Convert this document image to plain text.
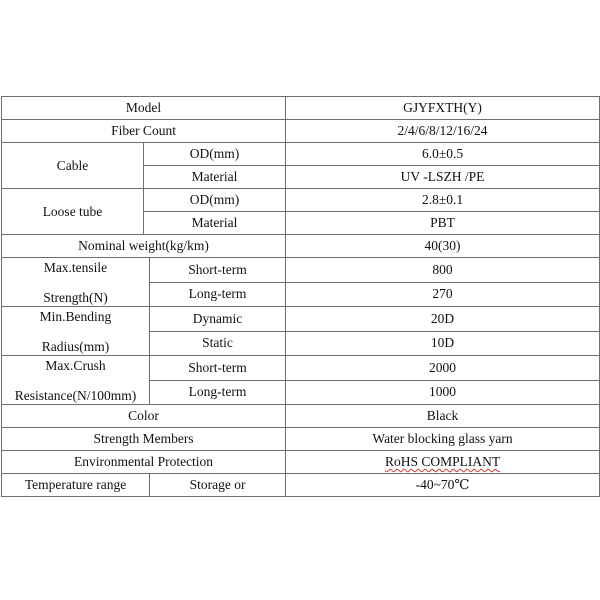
Model			GJYFXTH(Y)
Fiber Count			2/4/6/8/12/16/24
Cable	OD(mm)		6.0±0.5
	Material		UV -LSZH /PE
Loose tube	OD(mm)		2.8±0.1
	Material		PBT
Nominal weight(kg/km)			40(30)

Max.tensile
Strength(N)		Short-term	800
		Long-term	270

Min.Bending
Radius(mm)		Dynamic	20D
		Static	10D

Max.Crush
Resistance(N/100mm)		Short-term	2000
		Long-term	1000
Color			Black
Strength Members			Water blocking glass yarn
Environmental Protection			RoHS COMPLIANT
Temperature range		Storage or	-40~70℃
